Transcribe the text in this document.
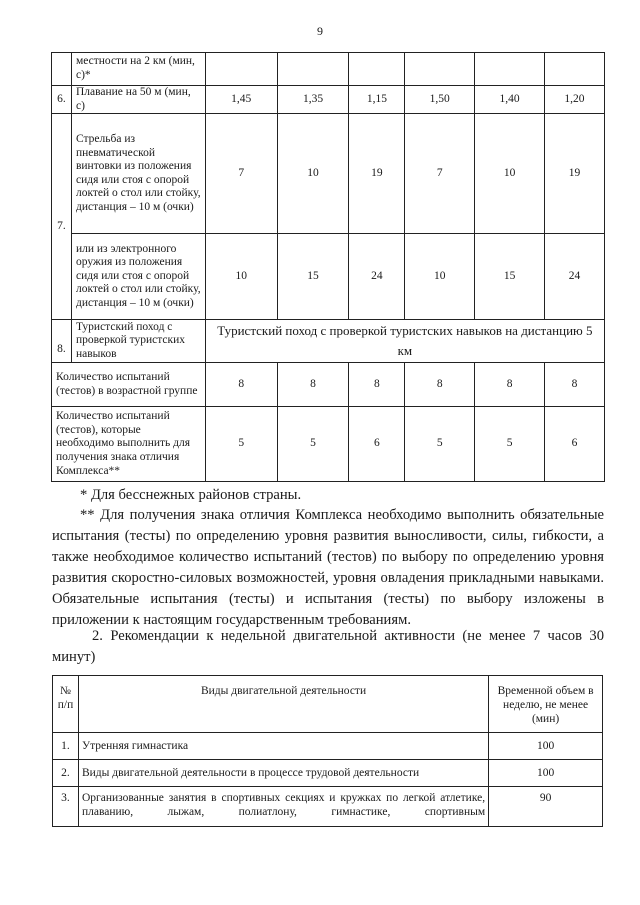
9
	местности на 2 км (мин, с)*						
6.	Плавание на 50 м (мин, с)	1,45	1,35	1,15	1,50	1,40	1,20
7.	Стрельба из пневматической винтовки из положения сидя или стоя с опорой локтей о стол или стойку, дистанция – 10 м (очки)	7	10	19	7	10	19
	или из электронного оружия из положения сидя или стоя с опорой локтей о стол или стойку, дистанция – 10 м (очки)	10	15	24	10	15	24
8.	Туристский поход с проверкой туристских навыков	Туристский поход с проверкой туристских навыков на дистанцию 5 км					
Количество испытаний (тестов) в возрастной группе		8	8	8	8	8	8
Количество испытаний (тестов), которые необходимо выполнить для получения знака отличия Комплекса**		5	5	6	5	5	6
* Для бесснежных районов страны.
** Для получения знака отличия Комплекса необходимо выполнить обязательные испытания (тесты) по определению уровня развития выносливости, силы, гибкости, а также необходимое количество испытаний (тестов) по выбору по определению уровня развития скоростно-силовых возможностей, уровня овладения прикладными навыками. Обязательные испытания (тесты) и испытания (тесты) по выбору изложены в приложении к настоящим государственным требованиям.
2. Рекомендации к недельной двигательной активности (не менее 7 часов 30 минут)
№ п/п	Виды двигательной деятельности	Временной объем в неделю, не менее (мин)
1.	Утренняя гимнастика	100
2.	Виды двигательной деятельности в процессе трудовой деятельности	100
3.	Организованные занятия в спортивных секциях и кружках по легкой атлетике, плаванию, лыжам, полиатлону, гимнастике, спортивным	90
